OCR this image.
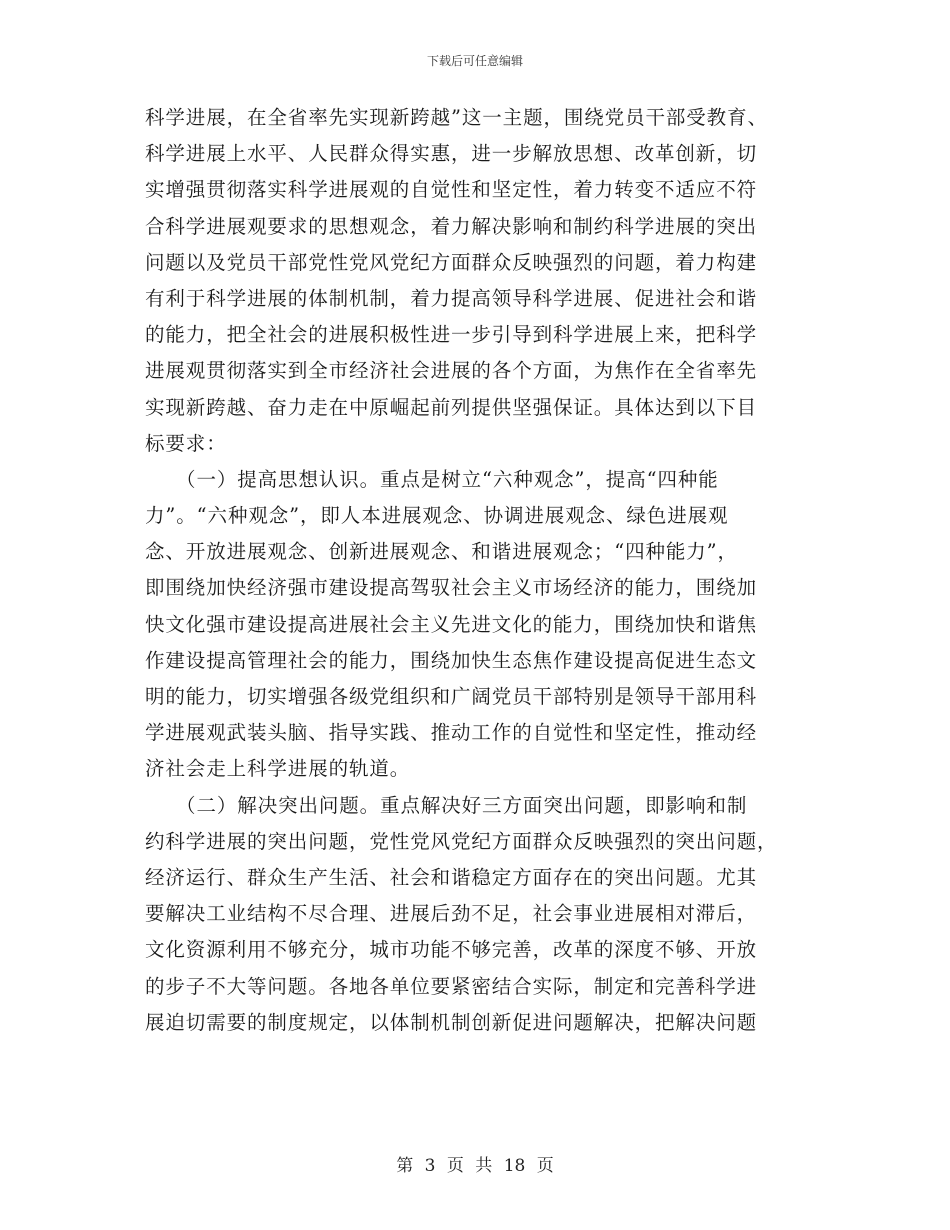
下载后可任意编辑
科学进展，在全省率先实现新跨越”这一主题，围绕党员干部受教育、
科学进展上水平、人民群众得实惠，进一步解放思想、改革创新，切
实增强贯彻落实科学进展观的自觉性和坚定性，着力转变不适应不符
合科学进展观要求的思想观念，着力解决影响和制约科学进展的突出
问题以及党员干部党性党风党纪方面群众反映强烈的问题，着力构建
有利于科学进展的体制机制，着力提高领导科学进展、促进社会和谐
的能力，把全社会的进展积极性进一步引导到科学进展上来，把科学
进展观贯彻落实到全市经济社会进展的各个方面，为焦作在全省率先
实现新跨越、奋力走在中原崛起前列提供坚强保证。具体达到以下目
标要求：
　　（一）提高思想认识。重点是树立“六种观念”，提高“四种能
力”。“六种观念”，即人本进展观念、协调进展观念、绿色进展观
念、开放进展观念、创新进展观念、和谐进展观念；“四种能力”，
即围绕加快经济强市建设提高驾驭社会主义市场经济的能力，围绕加
快文化强市建设提高进展社会主义先进文化的能力，围绕加快和谐焦
作建设提高管理社会的能力，围绕加快生态焦作建设提高促进生态文
明的能力，切实增强各级党组织和广阔党员干部特别是领导干部用科
学进展观武装头脑、指导实践、推动工作的自觉性和坚定性，推动经
济社会走上科学进展的轨道。
　　（二）解决突出问题。重点解决好三方面突出问题，即影响和制
约科学进展的突出问题，党性党风党纪方面群众反映强烈的突出问题，
经济运行、群众生产生活、社会和谐稳定方面存在的突出问题。尤其
要解决工业结构不尽合理、进展后劲不足，社会事业进展相对滞后，
文化资源利用不够充分，城市功能不够完善，改革的深度不够、开放
的步子不大等问题。各地各单位要紧密结合实际，制定和完善科学进
展迫切需要的制度规定，以体制机制创新促进问题解决，把解决问题
第 3 页 共 18 页
